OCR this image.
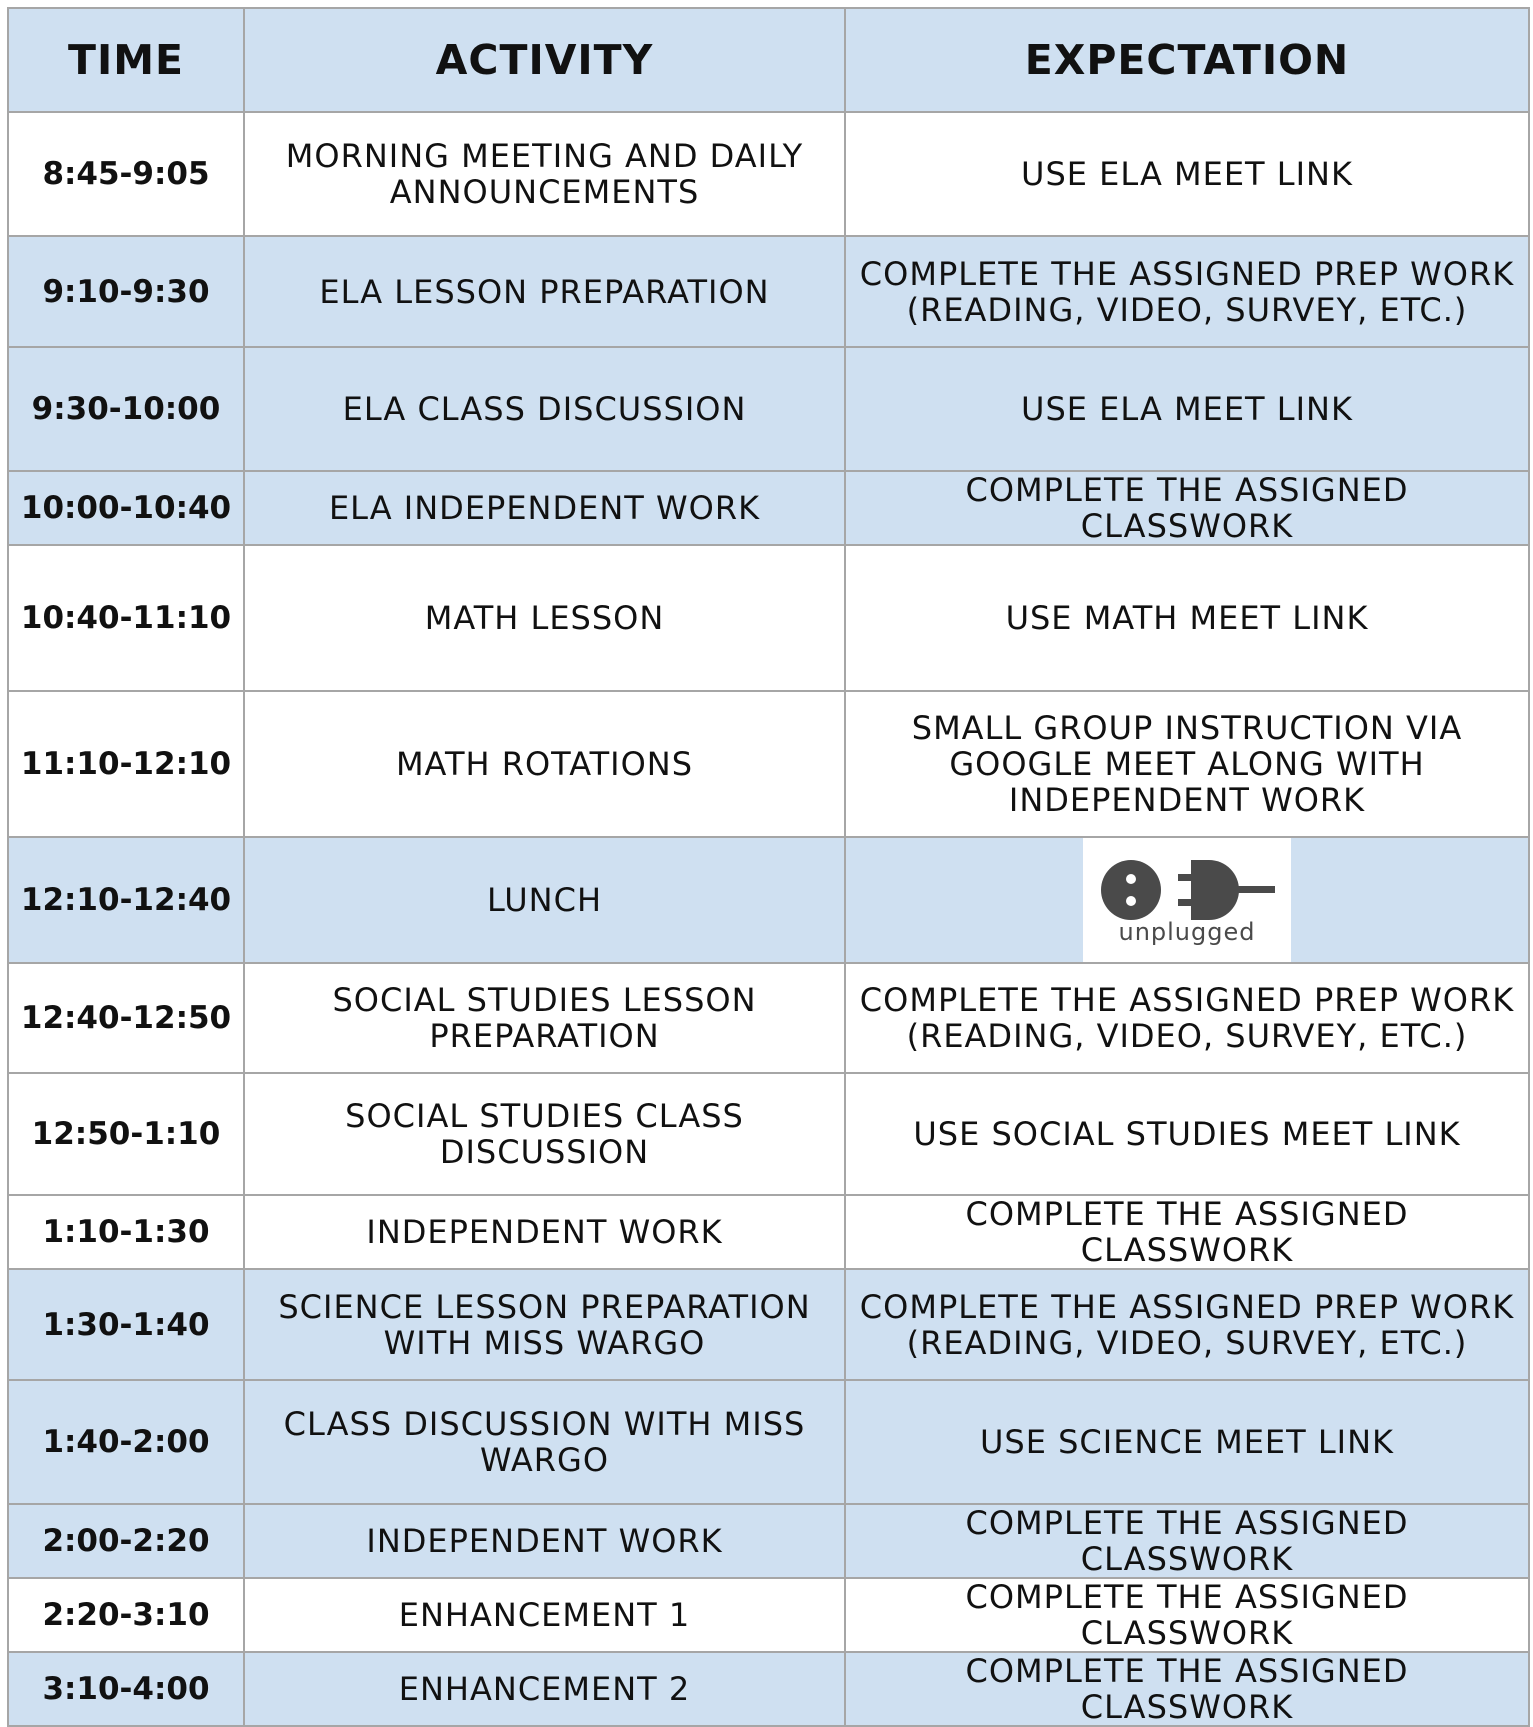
TIME	ACTIVITY	EXPECTATION
8:45-9:05	MORNING MEETING AND DAILY ANNOUNCEMENTS	USE ELA MEET LINK
9:10-9:30	ELA LESSON PREPARATION	COMPLETE THE ASSIGNED PREP WORK (READING, VIDEO, SURVEY, ETC.)
9:30-10:00	ELA CLASS DISCUSSION	USE ELA MEET LINK
10:00-10:40	ELA INDEPENDENT WORK	COMPLETE THE ASSIGNED CLASSWORK
10:40-11:10	MATH LESSON	USE MATH MEET LINK
11:10-12:10	MATH ROTATIONS	SMALL GROUP INSTRUCTION VIA GOOGLE MEET ALONG WITH INDEPENDENT WORK
12:10-12:40	LUNCH	unplugged

12:40-12:50	SOCIAL STUDIES LESSON PREPARATION	COMPLETE THE ASSIGNED PREP WORK (READING, VIDEO, SURVEY, ETC.)
12:50-1:10	SOCIAL STUDIES CLASS DISCUSSION	USE SOCIAL STUDIES MEET LINK
1:10-1:30	INDEPENDENT WORK	COMPLETE THE ASSIGNED CLASSWORK
1:30-1:40	SCIENCE LESSON PREPARATION WITH MISS WARGO	COMPLETE THE ASSIGNED PREP WORK (READING, VIDEO, SURVEY, ETC.)
1:40-2:00	CLASS DISCUSSION WITH MISS WARGO	USE SCIENCE MEET LINK
2:00-2:20	INDEPENDENT WORK	COMPLETE THE ASSIGNED CLASSWORK
2:20-3:10	ENHANCEMENT 1	COMPLETE THE ASSIGNED CLASSWORK
3:10-4:00	ENHANCEMENT 2	COMPLETE THE ASSIGNED CLASSWORK
